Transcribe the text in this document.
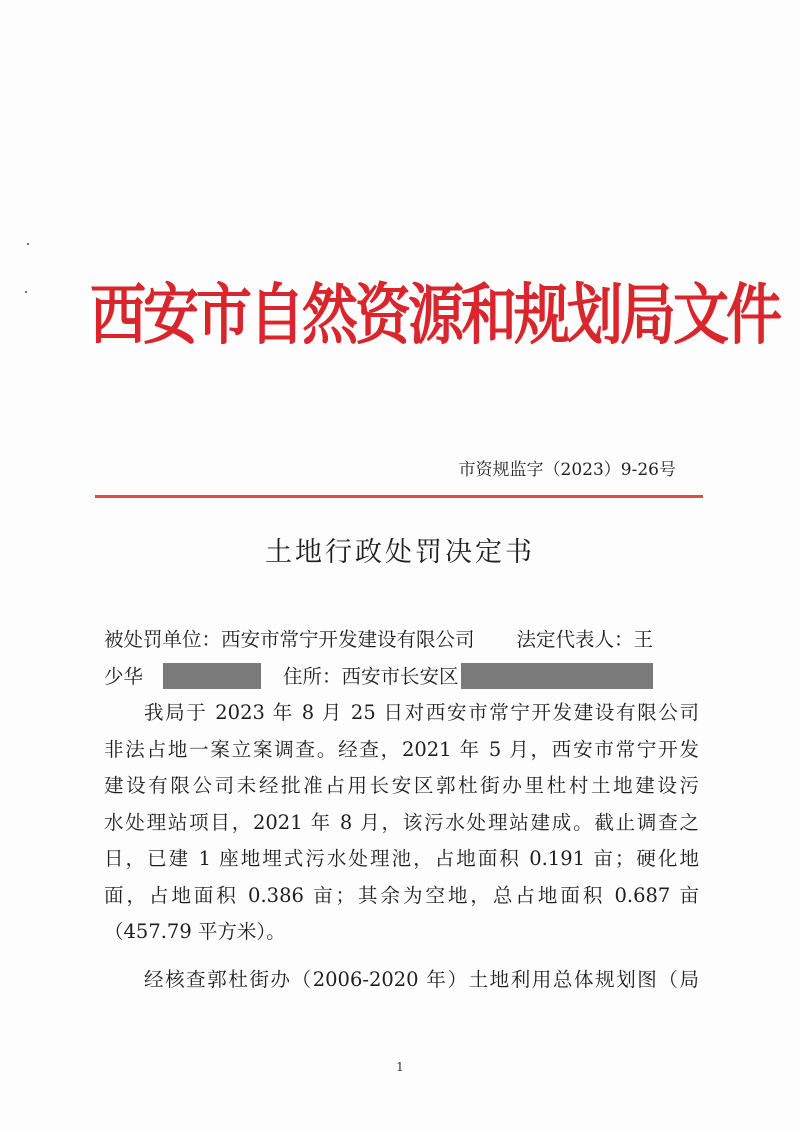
西安市自然资源和规划局文件
市资规监字（2023）9-26号
土地行政处罚决定书
被处罚单位：西安市常宁开发建设有限公司 法定代表人：王
少华	住所：西安市长安区
我局于 2023 年 8 月 25 日对西安市常宁开发建设有限公司
非法占地一案立案调查。经查，2021 年 5 月，西安市常宁开发
建设有限公司未经批准占用长安区郭杜街办里杜村土地建设污
水处理站项目，2021 年 8 月，该污水处理站建成。截止调查之
日，已建 1 座地埋式污水处理池，占地面积 0.191 亩；硬化地
面，占地面积 0.386 亩；其余为空地，总占地面积 0.687 亩
（457.79 平方米）。
经核查郭杜街办（2006-2020 年）土地利用总体规划图（局
1
